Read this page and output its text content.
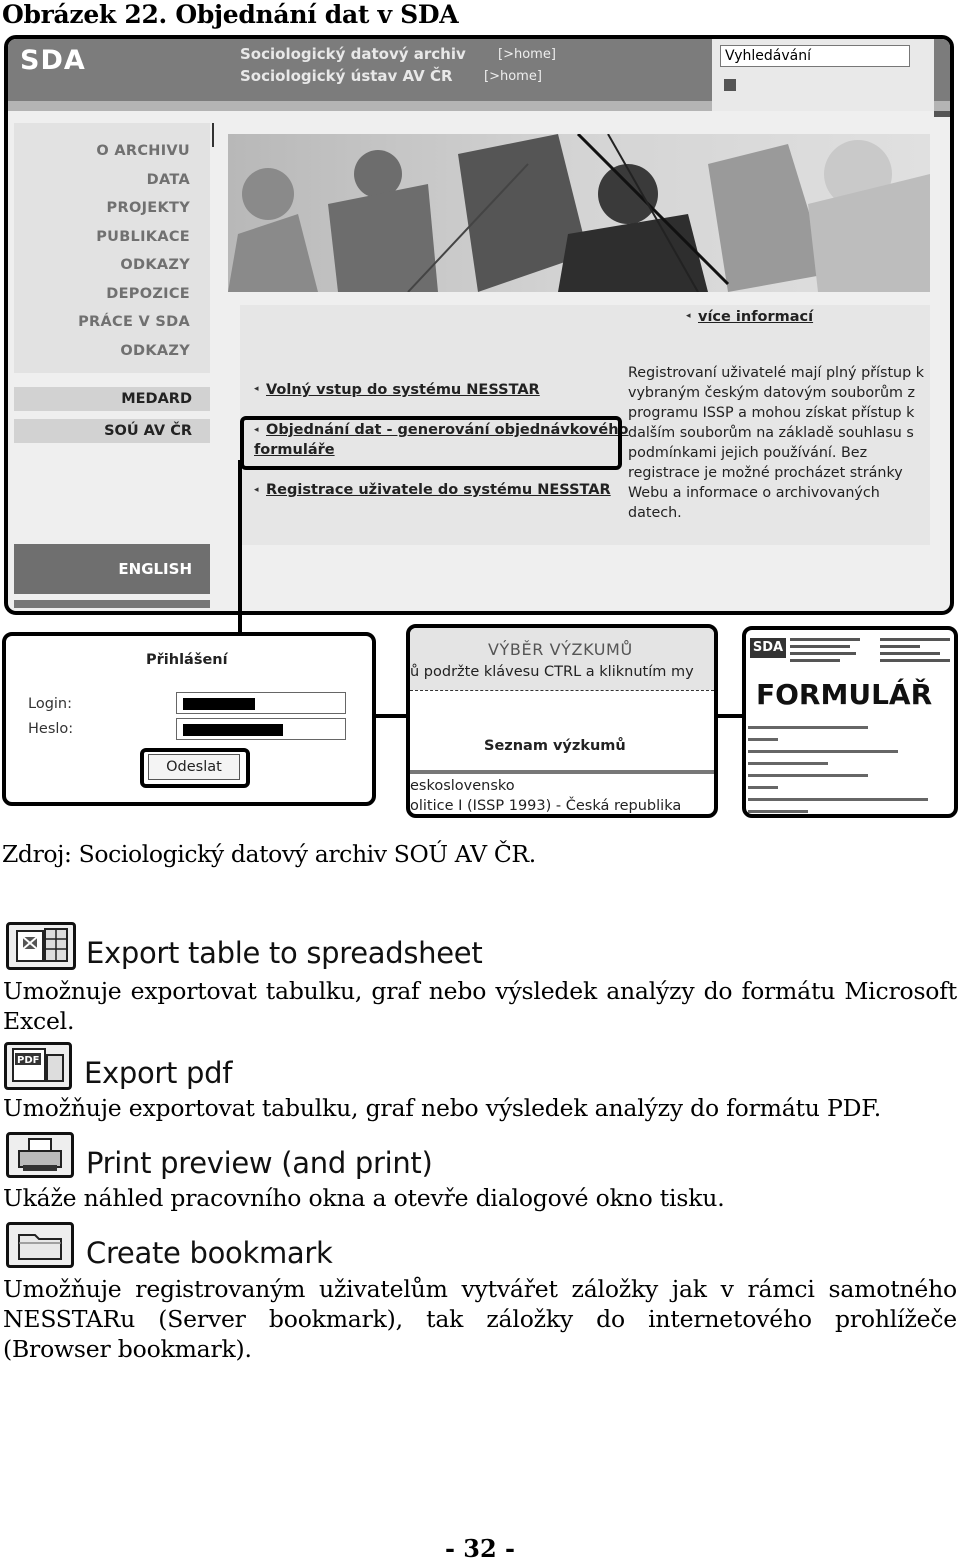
Obrázek 22. Objednání dat v SDA
SDA	Sociologický datový archiv
Sociologický ústav AV ČR
[>home]
[>home]
Vyhledávání
O ARCHIVU
DATA
PROJEKTY
PUBLIKACE
ODKAZY
DEPOZICE
PRÁCE V SDA
ODKAZY
MEDARD
SOÚ AV ČR
ENGLISH
◂ více informací
◂ Volný vstup do systému NESSTAR
◂ Objednání dat - generování objednávkového
formuláře
◂ Registrace uživatele do systému NESSTAR
Registrovaní uživatelé mají plný přístup k vybraným českým datovým souborům z programu ISSP a mohou získat přístup k dalším souborům na základě souhlasu s podmínkami jejich používání. Bez registrace je možné procházet stránky Webu a informace o archivovaných datech.
Přihlášení
Login:
Heslo:
Odeslat
VÝBĚR VÝZKUMŮ
ů podržte klávesu CTRL a kliknutím my
Seznam výzkumů
eskoslovensko
olitice I (ISSP 1993) - Česká republika
SDA
FORMULÁŘ
Zdroj: Sociologický datový archiv SOÚ AV ČR.
Export table to spreadsheet
Umožnuje exportovat tabulku, graf nebo výsledek analýzy do formátu Microsoft Excel.
PDF Export pdf
Umožňuje exportovat tabulku, graf nebo výsledek analýzy do formátu PDF.
Print preview (and print)
Ukáže náhled pracovního okna a otevře dialogové okno tisku.
Create bookmark
Umožňuje registrovaným uživatelům vytvářet záložky jak v rámci samotného NESSTARu (Server bookmark), tak záložky do internetového prohlížeče (Browser bookmark).
- 32 -
